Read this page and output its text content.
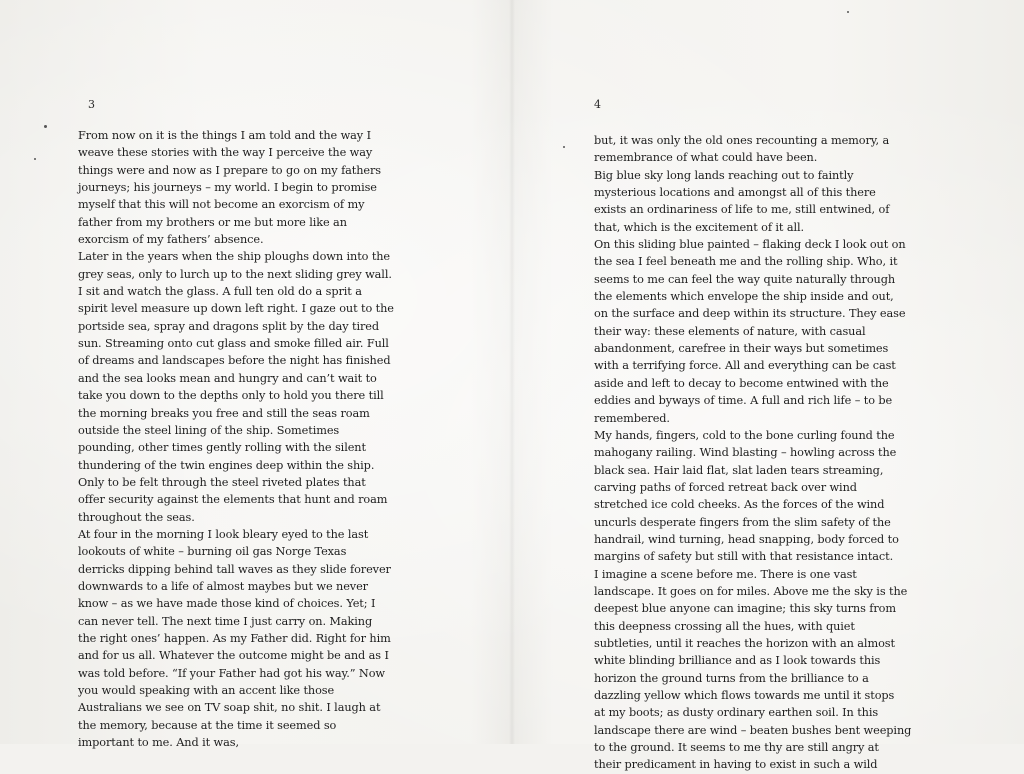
3
From now on it is the things I am told and the way I
weave these stories with the way I perceive the way
things were and now as I prepare to go on my fathers
journeys; his journeys – my world. I begin to promise
myself that this will not become an exorcism of my
father from my brothers or me but more like an
exorcism of my fathers’ absence.
Later in the years when the ship ploughs down into the
grey seas, only to lurch up to the next sliding grey wall.
I sit and watch the glass. A full ten old do a sprit a
spirit level measure up down left right. I gaze out to the
portside sea, spray and dragons split by the day tired
sun. Streaming onto cut glass and smoke filled air. Full
of dreams and landscapes before the night has finished
and the sea looks mean and hungry and can’t wait to
take you down to the depths only to hold you there till
the morning breaks you free and still the seas roam
outside the steel lining of the ship. Sometimes
pounding, other times gently rolling with the silent
thundering of the twin engines deep within the ship.
Only to be felt through the steel riveted plates that
offer security against the elements that hunt and roam
throughout the seas.
At four in the morning I look bleary eyed to the last
lookouts of white – burning oil gas Norge Texas
derricks dipping behind tall waves as they slide forever
downwards to a life of almost maybes but we never
know – as we have made those kind of choices. Yet; I
can never tell. The next time I just carry on. Making
the right ones’ happen. As my Father did. Right for him
and for us all. Whatever the outcome might be and as I
was told before. “If your Father had got his way.” Now
you would speaking with an accent like those
Australians we see on TV soap shit, no shit. I laugh at
the memory, because at the time it seemed so
important to me. And it was,
4
but, it was only the old ones recounting a memory, a
remembrance of what could have been.
Big blue sky long lands reaching out to faintly
mysterious locations and amongst all of this there
exists an ordinariness of life to me, still entwined, of
that, which is the excitement of it all.
On this sliding blue painted – flaking deck I look out on
the sea I feel beneath me and the rolling ship. Who, it
seems to me can feel the way quite naturally through
the elements which envelope the ship inside and out,
on the surface and deep within its structure. They ease
their way: these elements of nature, with casual
abandonment, carefree in their ways but sometimes
with a terrifying force. All and everything can be cast
aside and left to decay to become entwined with the
eddies and byways of time. A full and rich life – to be
remembered.
My hands, fingers, cold to the bone curling found the
mahogany railing. Wind blasting – howling across the
black sea. Hair laid flat, slat laden tears streaming,
carving paths of forced retreat back over wind
stretched ice cold cheeks. As the forces of the wind
uncurls desperate fingers from the slim safety of the
handrail, wind turning, head snapping, body forced to
margins of safety but still with that resistance intact.
I imagine a scene before me. There is one vast
landscape. It goes on for miles. Above me the sky is the
deepest blue anyone can imagine; this sky turns from
this deepness crossing all the hues, with quiet
subtleties, until it reaches the horizon with an almost
white blinding brilliance and as I look towards this
horizon the ground turns from the brilliance to a
dazzling yellow which flows towards me until it stops
at my boots; as dusty ordinary earthen soil. In this
landscape there are wind – beaten bushes bent weeping
to the ground. It seems to me thy are still angry at
their predicament in having to exist in such a wild
